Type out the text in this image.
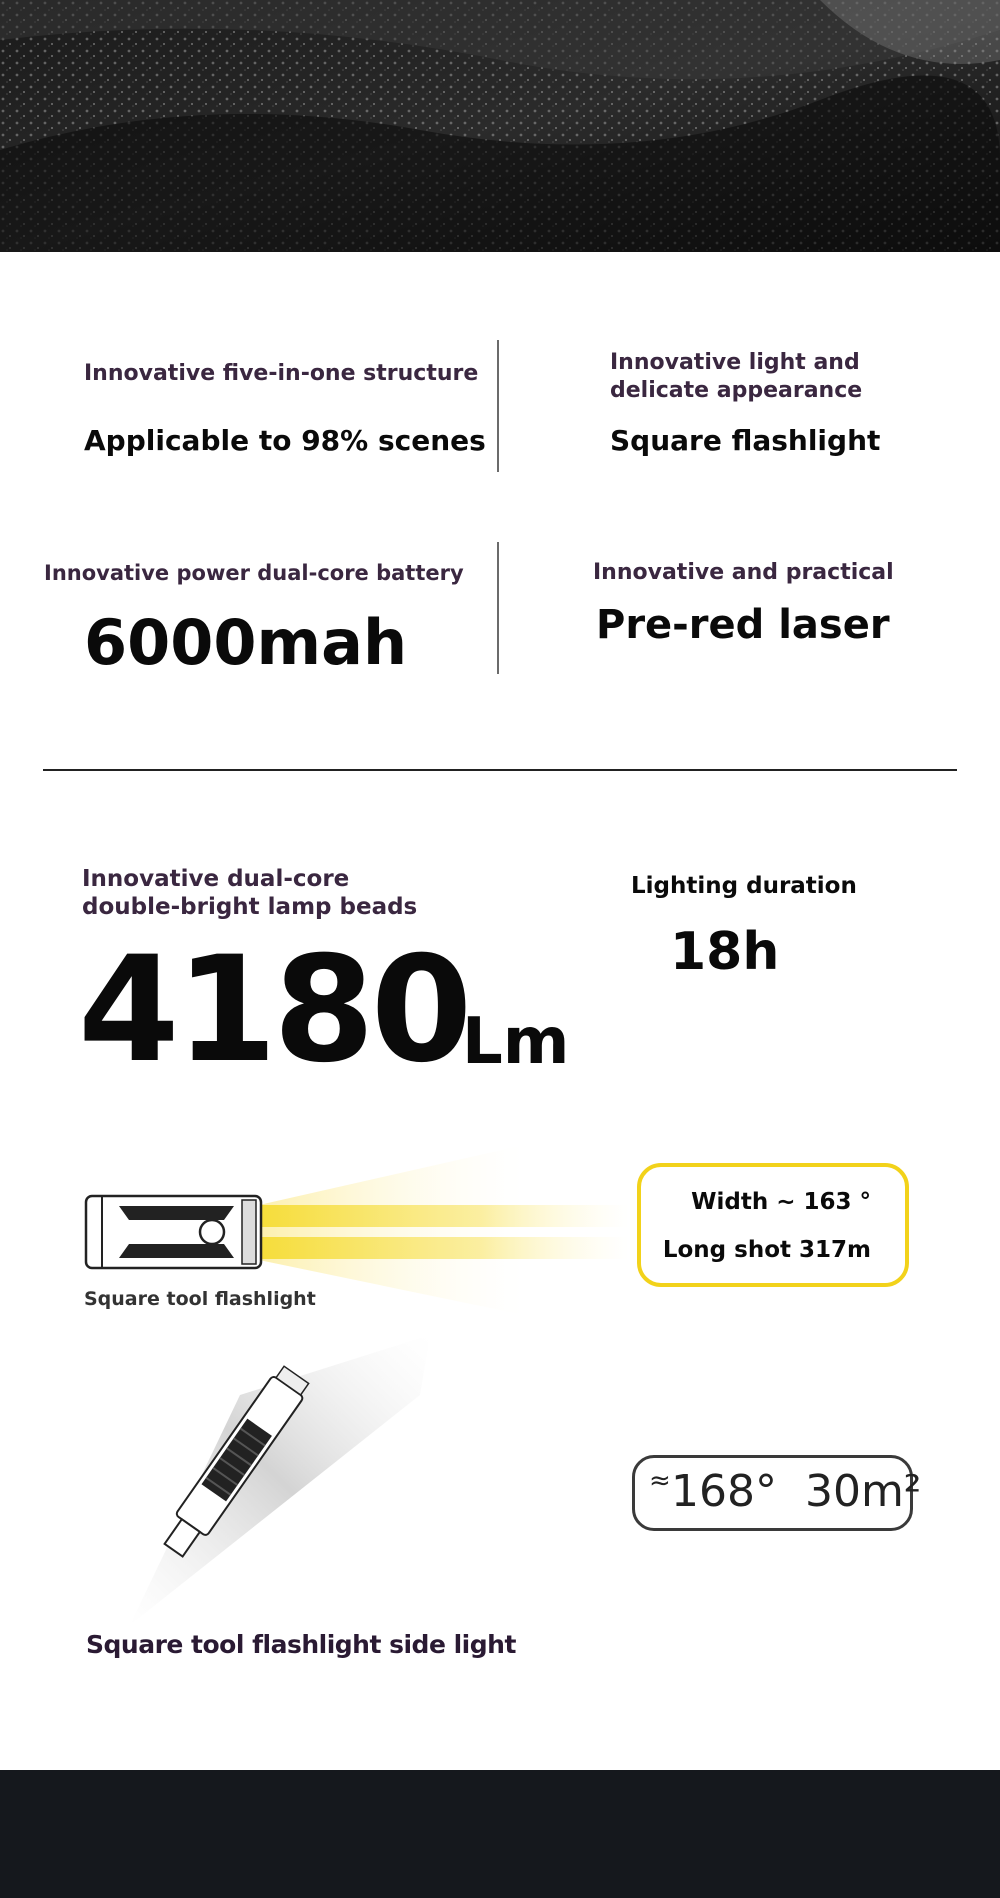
Innovative five-in-one structure
Applicable to 98% scenes
Innovative light and delicate appearance
Square flashlight
Innovative power dual-core battery
6000mah
Innovative and practical
Pre-red laser
Innovative dual-core
double-bright lamp beads
4180
Lm
Lighting duration
18h
Square tool flashlight
Width ~ 163 °
Long shot 317m
Square tool flashlight side light
≈ 168°  30m²
